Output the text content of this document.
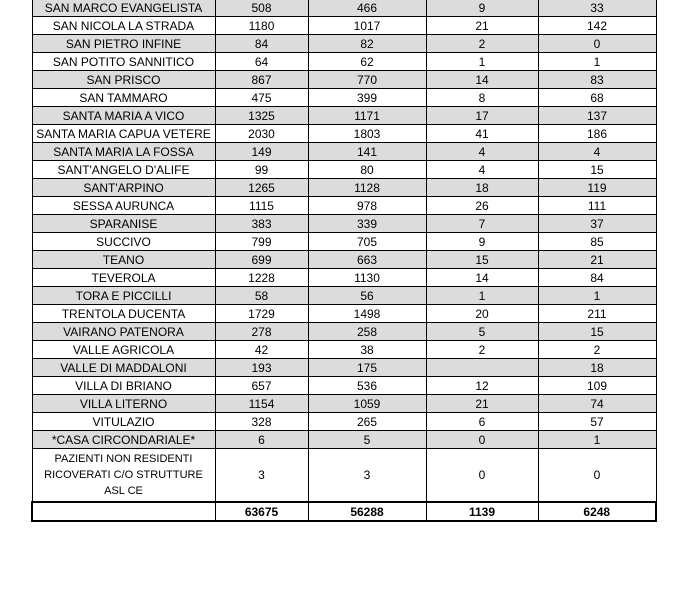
SAN MARCO EVANGELISTA	508	466	9	33
SAN NICOLA LA STRADA	1180	1017	21	142
SAN PIETRO INFINE	84	82	2	0
SAN POTITO SANNITICO	64	62	1	1
SAN PRISCO	867	770	14	83
SAN TAMMARO	475	399	8	68
SANTA MARIA A VICO	1325	1171	17	137
SANTA MARIA CAPUA VETERE	2030	1803	41	186
SANTA MARIA LA FOSSA	149	141	4	4
SANT'ANGELO D'ALIFE	99	80	4	15
SANT'ARPINO	1265	1128	18	119
SESSA AURUNCA	1115	978	26	111
SPARANISE	383	339	7	37
SUCCIVO	799	705	9	85
TEANO	699	663	15	21
TEVEROLA	1228	1130	14	84
TORA E PICCILLI	58	56	1	1
TRENTOLA DUCENTA	1729	1498	20	211
VAIRANO PATENORA	278	258	5	15
VALLE AGRICOLA	42	38	2	2
VALLE DI MADDALONI	193	175		18
VILLA DI BRIANO	657	536	12	109
VILLA LITERNO	1154	1059	21	74
VITULAZIO	328	265	6	57
*CASA CIRCONDARIALE*	6	5	0	1
PAZIENTI NON RESIDENTI RICOVERATI C/O STRUTTURE ASL CE	3	3	0	0
	63675	56288	1139	6248
